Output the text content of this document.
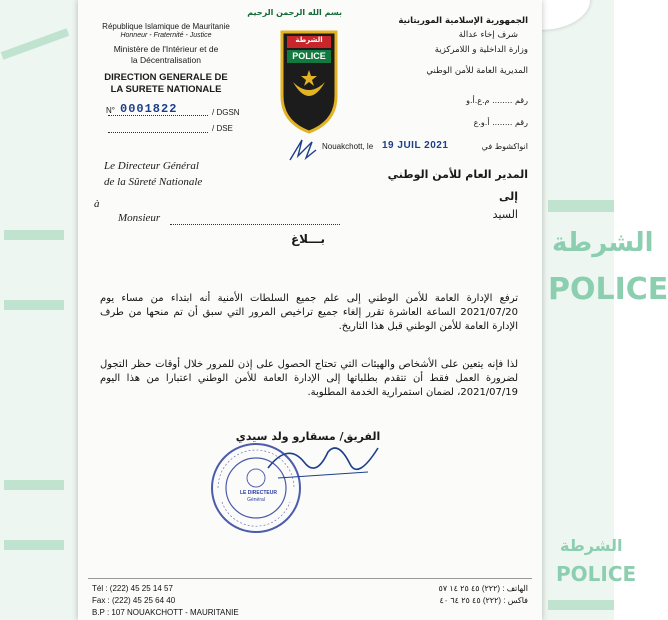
الشرطة
POLICE
الشرطة
POLICE
République Islamique de Mauritanie
Honneur - Fraternité - Justice
Ministère de l'Intérieur et de
la Décentralisation
DIRECTION GENERALE DE
LA SURETE NATIONALE
N° 0001822	/ DGSN
/ DSE
بسم الله الرحمن الرحيم
الشرطة
POLICE
الجمهورية الإسلامية الموريتانية
شرف إخاء عدالة
وزارة الداخلية و اللامركزية
المديرية العامة للأمن الوطني
رقم ........ م.ع.أ.و
رقم ........ أ.و.ع
Nouakchott, le 19 JUIL 2021	انواكشوط في
Le Directeur Général
de la Sûreté Nationale
المدير العام للأمن الوطني
à
إلى
Monsieur	السيد
بـــلاغ
ترفع الإدارة العامة للأمن الوطني إلى علم جميع السلطات الأمنية أنه ابتداء من مساء يوم 2021/07/20 الساعة العاشرة تقرر إلغاء جميع تراخيص المرور التي سبق أن تم منحها من طرف الإدارة العامة للأمن الوطني قبل هذا التاريخ.
لذا فإنه يتعين على الأشخاص والهيئات التي تحتاج الحصول على إذن للمرور خلال أوقات حظر التجول لضرورة العمل فقط أن تتقدم بطلباتها إلى الإدارة العامة للأمن الوطني اعتبارا من هذا اليوم 2021/07/19، لضمان استمرارية الخدمة المطلوبة.
الفريق/ مسقارو ولد سيدي
LE DIRECTEUR
Général
Tél : (222) 45 25 14 57
Fax : (222) 45 25 64 40
B.P : 107 NOUAKCHOTT - MAURITANIE
الهاتف : (٢٢٢) ٤٥ ٢٥ ١٤ ٥٧
فاكس : (٢٢٢) ٤٥ ٢٥ ٦٤ ٤٠
